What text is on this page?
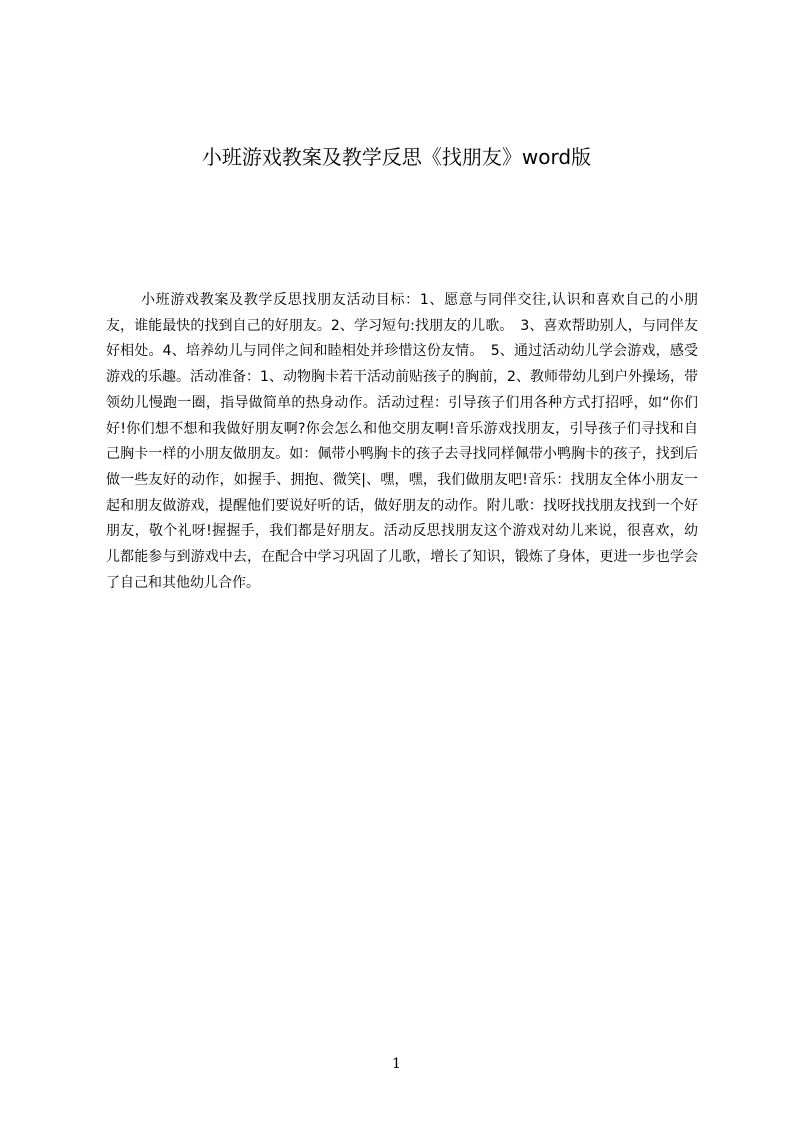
小班游戏教案及教学反思《找朋友》word版

小班游戏教案及教学反思找朋友活动目标：1、愿意与同伴交往,认识和喜欢自己的小朋友，谁能最快的找到自己的好朋友。2、学习短句:找朋友的儿歌。　3、喜欢帮助别人，与同伴友好相处。4、培养幼儿与同伴之间和睦相处并珍惜这份友情。　5、通过活动幼儿学会游戏，感受游戏的乐趣。活动准备：1、动物胸卡若干活动前贴孩子的胸前，2、教师带幼儿到户外操场，带领幼儿慢跑一圈，指导做简单的热身动作。活动过程：引导孩子们用各种方式打招呼，如“你们好!你们想不想和我做好朋友啊?你会怎么和他交朋友啊!音乐游戏找朋友，引导孩子们寻找和自己胸卡一样的小朋友做朋友。如：佩带小鸭胸卡的孩子去寻找同样佩带小鸭胸卡的孩子，找到后做一些友好的动作，如握手、拥抱、微笑|、嘿，嘿，我们做朋友吧!音乐：找朋友全体小朋友一起和朋友做游戏，提醒他们要说好听的话，做好朋友的动作。附儿歌：找呀找找朋友找到一个好朋友，敬个礼呀!握握手，我们都是好朋友。活动反思找朋友这个游戏对幼儿来说，很喜欢，幼儿都能参与到游戏中去，在配合中学习巩固了儿歌，增长了知识，锻炼了身体，更进一步也学会了自己和其他幼儿合作。

1
